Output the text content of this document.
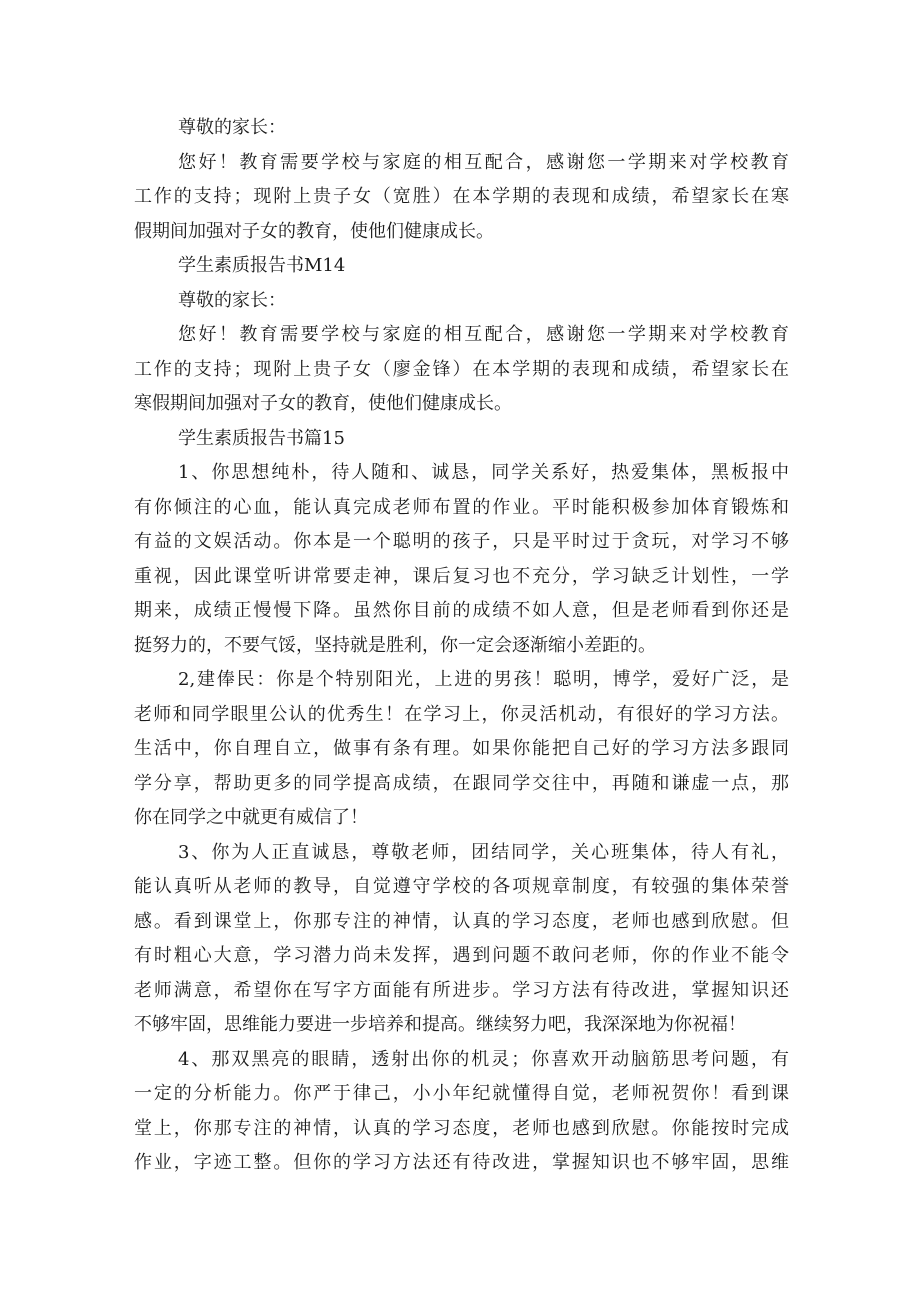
尊敬的家长：
您好！教育需要学校与家庭的相互配合，感谢您一学期来对学校教育
工作的支持；现附上贵子女（宽胜）在本学期的表现和成绩，希望家长在寒
假期间加强对子女的教育，使他们健康成长。
学生素质报告书M14
尊敬的家长：
您好！教育需要学校与家庭的相互配合，感谢您一学期来对学校教育
工作的支持；现附上贵子女（廖金锋）在本学期的表现和成绩，希望家长在
寒假期间加强对子女的教育，使他们健康成长。
学生素质报告书篇15
1、你思想纯朴，待人随和、诚恳，同学关系好，热爱集体，黑板报中
有你倾注的心血，能认真完成老师布置的作业。平时能积极参加体育锻炼和
有益的文娱活动。你本是一个聪明的孩子，只是平时过于贪玩，对学习不够
重视，因此课堂听讲常要走神，课后复习也不充分，学习缺乏计划性，一学
期来，成绩正慢慢下降。虽然你目前的成绩不如人意，但是老师看到你还是
挺努力的，不要气馁，坚持就是胜利，你一定会逐渐缩小差距的。
2,建俸民：你是个特别阳光，上进的男孩！聪明，博学，爱好广泛，是
老师和同学眼里公认的优秀生！在学习上，你灵活机动，有很好的学习方法。
生活中，你自理自立，做事有条有理。如果你能把自己好的学习方法多跟同
学分享，帮助更多的同学提高成绩，在跟同学交往中，再随和谦虚一点，那
你在同学之中就更有威信了！
3、你为人正直诚恳，尊敬老师，团结同学，关心班集体，待人有礼，
能认真听从老师的教导，自觉遵守学校的各项规章制度，有较强的集体荣誉
感。看到课堂上，你那专注的神情，认真的学习态度，老师也感到欣慰。但
有时粗心大意，学习潜力尚未发挥，遇到问题不敢问老师，你的作业不能令
老师满意，希望你在写字方面能有所进步。学习方法有待改进，掌握知识还
不够牢固，思维能力要进一步培养和提高。继续努力吧，我深深地为你祝福！
4、那双黑亮的眼睛，透射出你的机灵；你喜欢开动脑筋思考问题，有
一定的分析能力。你严于律己，小小年纪就懂得自觉，老师祝贺你！看到课
堂上，你那专注的神情，认真的学习态度，老师也感到欣慰。你能按时完成
作业，字迹工整。但你的学习方法还有待改进，掌握知识也不够牢固，思维
